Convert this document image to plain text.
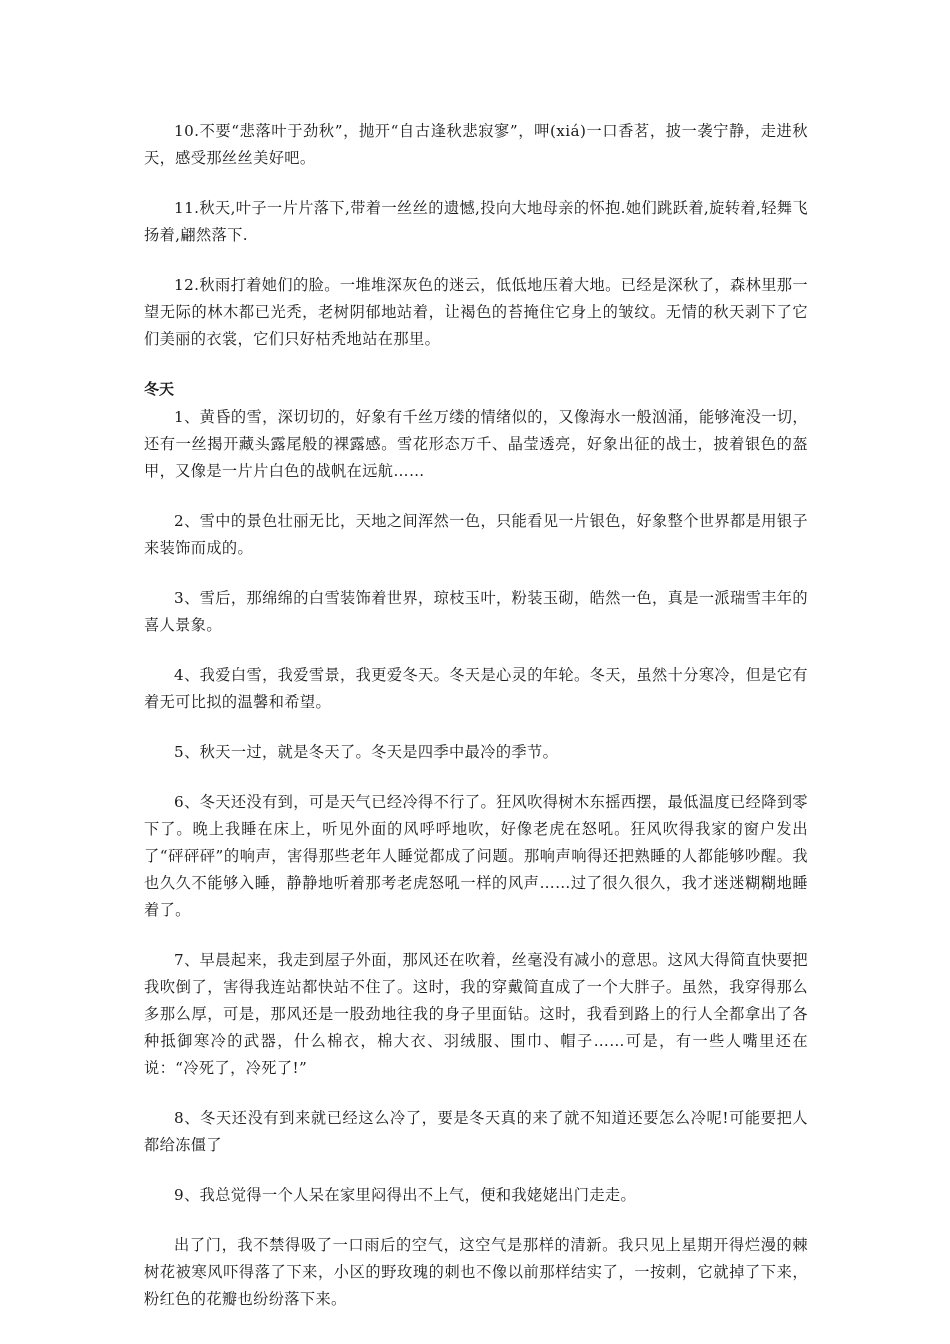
10.不要“悲落叶于劲秋”，抛开“自古逢秋悲寂寥”，呷(xiá)一口香茗，披一袭宁静，走进秋天，感受那丝丝美好吧。

11.秋天,叶子一片片落下,带着一丝丝的遗憾,投向大地母亲的怀抱.她们跳跃着,旋转着,轻舞飞扬着,翩然落下.

12.秋雨打着她们的脸。一堆堆深灰色的迷云，低低地压着大地。已经是深秋了，森林里那一望无际的林木都已光秃，老树阴郁地站着，让褐色的苔掩住它身上的皱纹。无情的秋天剥下了它们美丽的衣裳，它们只好枯秃地站在那里。

冬天

1、黄昏的雪，深切切的，好象有千丝万缕的情绪似的，又像海水一般汹涌，能够淹没一切，还有一丝揭开藏头露尾般的裸露感。雪花形态万千、晶莹透亮，好象出征的战士，披着银色的盔甲，又像是一片片白色的战帆在远航……

2、雪中的景色壮丽无比，天地之间浑然一色，只能看见一片银色，好象整个世界都是用银子来装饰而成的。

3、雪后，那绵绵的白雪装饰着世界，琼枝玉叶，粉装玉砌，皓然一色，真是一派瑞雪丰年的喜人景象。

4、我爱白雪，我爱雪景，我更爱冬天。冬天是心灵的年轮。冬天，虽然十分寒冷，但是它有着无可比拟的温馨和希望。

5、秋天一过，就是冬天了。冬天是四季中最冷的季节。

6、冬天还没有到，可是天气已经冷得不行了。狂风吹得树木东摇西摆，最低温度已经降到零下了。晚上我睡在床上，听见外面的风呼呼地吹，好像老虎在怒吼。狂风吹得我家的窗户发出了“砰砰砰”的响声，害得那些老年人睡觉都成了问题。那响声响得还把熟睡的人都能够吵醒。我也久久不能够入睡，静静地听着那考老虎怒吼一样的风声……过了很久很久，我才迷迷糊糊地睡着了。

7、早晨起来，我走到屋子外面，那风还在吹着，丝毫没有减小的意思。这风大得简直快要把我吹倒了，害得我连站都快站不住了。这时，我的穿戴简直成了一个大胖子。虽然，我穿得那么多那么厚，可是，那风还是一股劲地往我的身子里面钻。这时，我看到路上的行人全都拿出了各种抵御寒冷的武器，什么棉衣，棉大衣、羽绒服、围巾、帽子……可是，有一些人嘴里还在说：“冷死了，冷死了!”

8、冬天还没有到来就已经这么冷了，要是冬天真的来了就不知道还要怎么冷呢!可能要把人都给冻僵了

9、我总觉得一个人呆在家里闷得出不上气，便和我姥姥出门走走。

出了门，我不禁得吸了一口雨后的空气，这空气是那样的清新。我只见上星期开得烂漫的棘树花被寒风吓得落了下来，小区的野玫瑰的刺也不像以前那样结实了，一按刺，它就掉了下来，粉红色的花瓣也纷纷落下来。
